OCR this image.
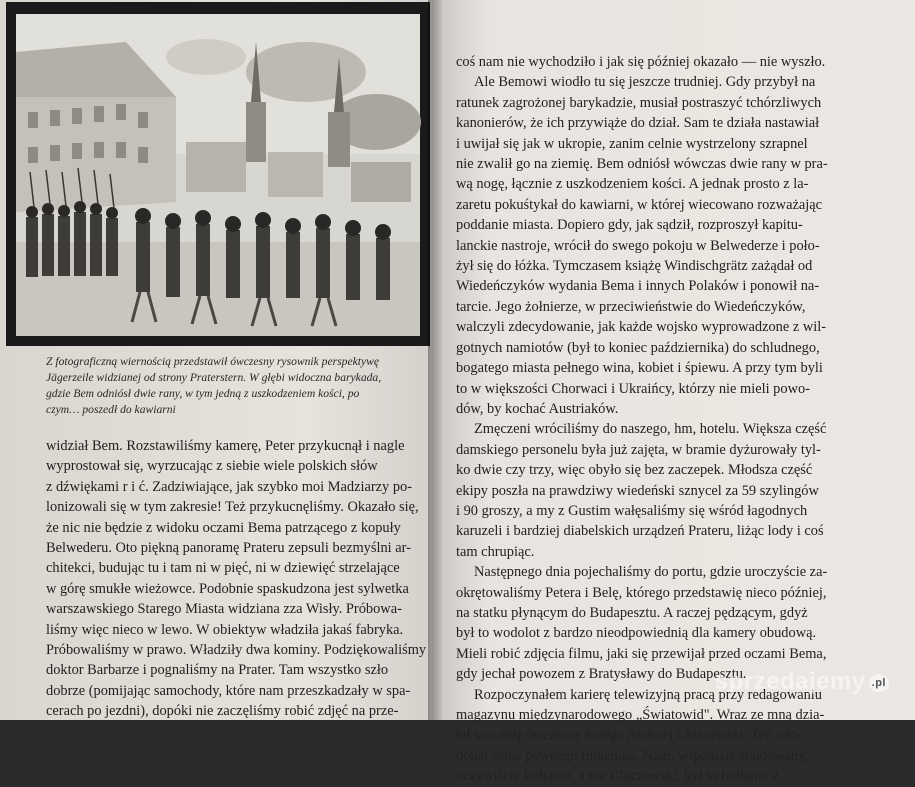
Z fotograficzną wiernością przedstawił ówczesny rysownik perspektywę
Jägerzeile widzianej od strony Praterstern. W głębi widoczna barykada,
gdzie Bem odniósł dwie rany, w tym jedną z uszkodzeniem kości, po
czym… poszedł do kawiarni
widział Bem. Rozstawiliśmy kamerę, Peter przykucnął i nagle
wyprostował się, wyrzucając z siebie wiele polskich słów
z dźwiękami r i ć. Zadziwiające, jak szybko moi Madziarzy po-
lonizowali się w tym zakresie! Też przykucnęliśmy. Okazało się,
że nic nie będzie z widoku oczami Bema patrzącego z kopuły
Belwederu. Oto piękną panoramę Prateru zepsuli bezmyślni ar-
chitekci, budując tu i tam ni w pięć, ni w dziewięć strzelające
w górę smukłe wieżowce. Podobnie spaskudzona jest sylwetka
warszawskiego Starego Miasta widziana zza Wisły. Próbowa-
liśmy więc nieco w lewo. W obiektyw władziła jakaś fabryka.
Próbowaliśmy w prawo. Władziły dwa kominy. Podziękowaliśmy
doktor Barbarze i pognaliśmy na Prater. Tam wszystko szło
dobrze (pomijając samochody, które nam przeszkadzały w spa-
cerach po jezdni), dopóki nie zaczęliśmy robić zdjęć na prze-
coś nam nie wychodziło i jak się później okazało — nie wyszło.
Ale Bemowi wiodło tu się jeszcze trudniej. Gdy przybył na
ratunek zagrożonej barykadzie, musiał postraszyć tchórzliwych
kanonierów, że ich przywiąże do dział. Sam te działa nastawiał
i uwijał się jak w ukropie, zanim celnie wystrzelony szrapnel
nie zwalił go na ziemię. Bem odniósł wówczas dwie rany w pra-
wą nogę, łącznie z uszkodzeniem kości. A jednak prosto z la-
zaretu pokuśtykał do kawiarni, w której wiecowano rozważając
poddanie miasta. Dopiero gdy, jak sądził, rozproszył kapitu-
lanckie nastroje, wrócił do swego pokoju w Belwederze i poło-
żył się do łóżka. Tymczasem książę Windischgrätz zażądał od
Wiedeńczyków wydania Bema i innych Polaków i ponowił na-
tarcie. Jego żołnierze, w przeciwieństwie do Wiedeńczyków,
walczyli zdecydowanie, jak każde wojsko wyprowadzone z wil-
gotnych namiotów (był to koniec października) do schludnego,
bogatego miasta pełnego wina, kobiet i śpiewu. A przy tym byli
to w większości Chorwaci i Ukraińcy, którzy nie mieli powo-
dów, by kochać Austriaków.
Zmęczeni wróciliśmy do naszego, hm, hotelu. Większa część
damskiego personelu była już zajęta, w bramie dyżurowały tyl-
ko dwie czy trzy, więc obyło się bez zaczepek. Młodsza część
ekipy poszła na prawdziwy wiedeński sznycel za 59 szylingów
i 90 groszy, a my z Gustim wałęsaliśmy się wśród łagodnych
karuzeli i bardziej diabelskich urządzeń Prateru, liżąc lody i coś
tam chrupiąc.
Następnego dnia pojechaliśmy do portu, gdzie uroczyście za-
okrętowaliśmy Petera i Belę, którego przedstawię nieco później,
na statku płynącym do Budapesztu. A raczej pędzącym, gdyż
był to wodolot z bardzo nieodpowiednią dla kamery obudową.
Mieli robić zdjęcia filmu, jaki się przewijał przed oczami Bema,
gdy jechał powozem z Bratysławy do Budapesztu.
Rozpoczynałem karierę telewizyjną pracą przy redagowaniu
magazynu międzynarodowego „Światowid". Wraz ze mną dzia-
łał tam mój ówczesny kolega Andrzej Chiczewski. Ten zdo-
dobał sobie pewnego Indianina. Nagi, wspaniale zbudowany,
oczywiście Indianin, a nie Chiczewski, był to Indianin z
sprzedajemy .pl
